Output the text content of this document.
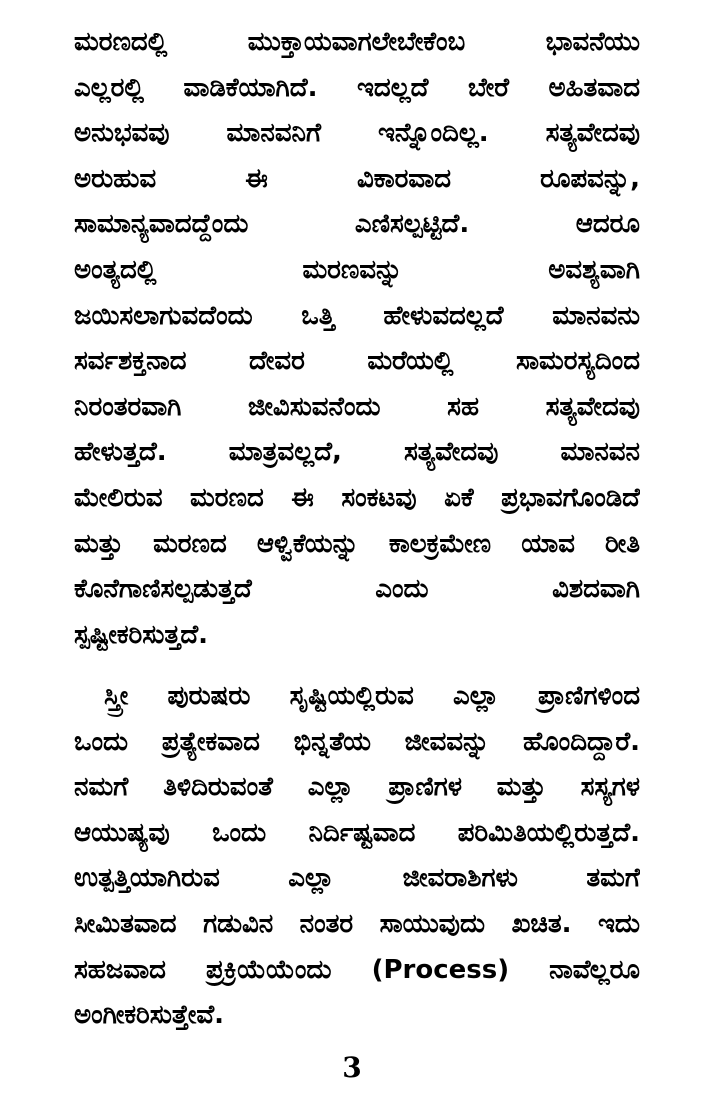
ಮರಣದಲ್ಲಿ ಮುಕ್ತಾಯವಾಗಲೇಬೇಕೆಂಬ ಭಾವನೆಯು
ಎಲ್ಲರಲ್ಲಿ ವಾಡಿಕೆಯಾಗಿದೆ. ಇದಲ್ಲದೆ ಬೇರೆ ಅಹಿತವಾದ
ಅನುಭವವು ಮಾನವನಿಗೆ ಇನ್ನೊಂದಿಲ್ಲ. ಸತ್ಯವೇದವು
ಅರುಹುವ ಈ ವಿಕಾರವಾದ ರೂಪವನ್ನು,
ಸಾಮಾನ್ಯವಾದದ್ದೆಂದು ಎಣಿಸಲ್ಪಟ್ಟಿದೆ. ಆದರೂ
ಅಂತ್ಯದಲ್ಲಿ ಮರಣವನ್ನು ಅವಶ್ಯವಾಗಿ
ಜಯಿಸಲಾಗುವದೆಂದು ಒತ್ತಿ ಹೇಳುವದಲ್ಲದೆ ಮಾನವನು
ಸರ್ವಶಕ್ತನಾದ ದೇವರ ಮರೆಯಲ್ಲಿ ಸಾಮರಸ್ಯದಿಂದ
ನಿರಂತರವಾಗಿ ಜೀವಿಸುವನೆಂದು ಸಹ ಸತ್ಯವೇದವು
ಹೇಳುತ್ತದೆ. ಮಾತ್ರವಲ್ಲದೆ, ಸತ್ಯವೇದವು ಮಾನವನ
ಮೇಲಿರುವ ಮರಣದ ಈ ಸಂಕಟವು ಏಕೆ ಪ್ರಭಾವಗೊಂಡಿದೆ
ಮತ್ತು ಮರಣದ ಆಳ್ವಿಕೆಯನ್ನು ಕಾಲಕ್ರಮೇಣ ಯಾವ ರೀತಿ
ಕೊನೆಗಾಣಿಸಲ್ಪಡುತ್ತದೆ ಎಂದು ವಿಶದವಾಗಿ
ಸ್ಪಷ್ಟೀಕರಿಸುತ್ತದೆ.
ಸ್ತ್ರೀ ಪುರುಷರು ಸೃಷ್ಟಿಯಲ್ಲಿರುವ ಎಲ್ಲಾ ಪ್ರಾಣಿಗಳಿಂದ
ಒಂದು ಪ್ರತ್ಯೇಕವಾದ ಭಿನ್ನತೆಯ ಜೀವವನ್ನು ಹೊಂದಿದ್ದಾರೆ.
ನಮಗೆ ತಿಳಿದಿರುವಂತೆ ಎಲ್ಲಾ ಪ್ರಾಣಿಗಳ ಮತ್ತು ಸಸ್ಯಗಳ
ಆಯುಷ್ಯವು ಒಂದು ನಿರ್ದಿಷ್ಟವಾದ ಪರಿಮಿತಿಯಲ್ಲಿರುತ್ತದೆ.
ಉತ್ಪತ್ತಿಯಾಗಿರುವ ಎಲ್ಲಾ ಜೀವರಾಶಿಗಳು ತಮಗೆ
ಸೀಮಿತವಾದ ಗಡುವಿನ ನಂತರ ಸಾಯುವುದು ಖಚಿತ. ಇದು
ಸಹಜವಾದ ಪ್ರಕ್ರಿಯೆಯೆಂದು (Process) ನಾವೆಲ್ಲರೂ
ಅಂಗೀಕರಿಸುತ್ತೇವೆ.
3
